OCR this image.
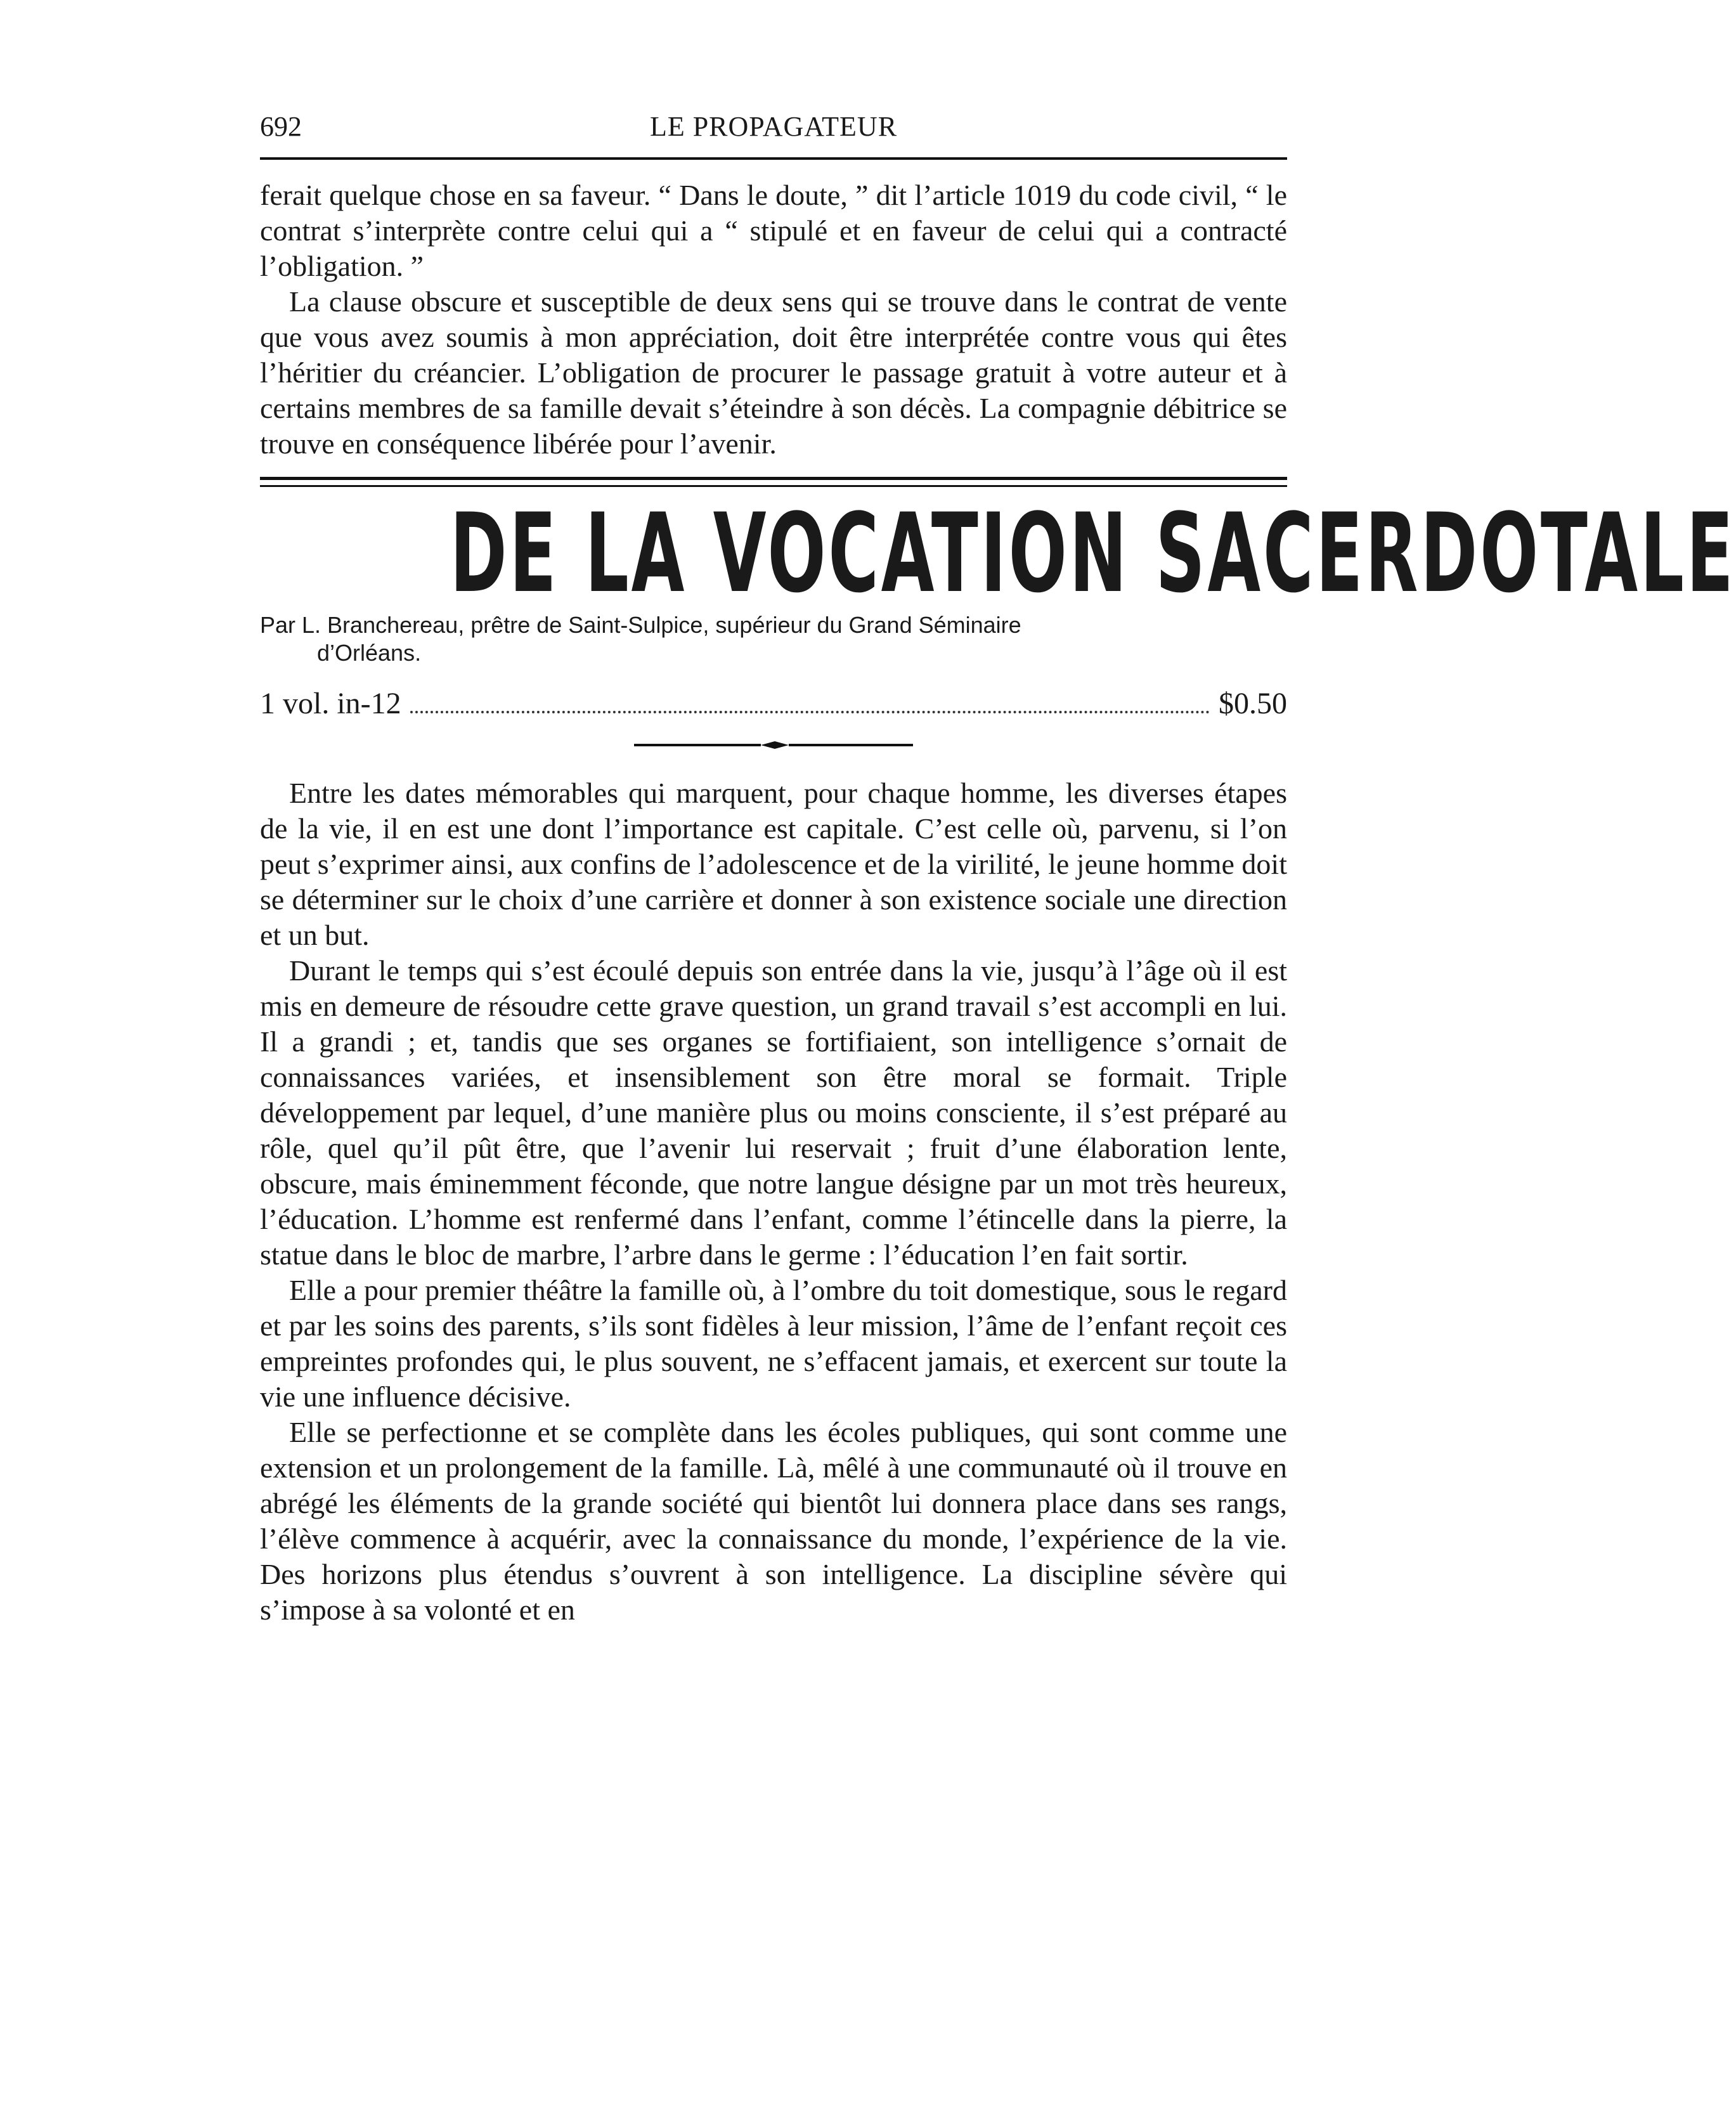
692	LE PROPAGATEUR

ferait quelque chose en sa faveur. “ Dans le doute, ” dit l’article 1019 du code civil, “ le contrat s’interprète contre celui qui a “ stipulé et en faveur de celui qui a contracté l’obligation. ”

La clause obscure et susceptible de deux sens qui se trouve dans le contrat de vente que vous avez soumis à mon appréciation, doit être interprétée contre vous qui êtes l’héritier du créancier. L’obligation de procurer le passage gratuit à votre auteur et à certains membres de sa famille devait s’éteindre à son décès. La compagnie débitrice se trouve en conséquence libérée pour l’avenir.

DE LA VOCATION SACERDOTALE
Par L. Branchereau, prêtre de Saint-Sulpice, supérieur du Grand Séminaire
d’Orléans.
1 vol. in-12	$0.50

Entre les dates mémorables qui marquent, pour chaque homme, les diverses étapes de la vie, il en est une dont l’importance est capitale. C’est celle où, parvenu, si l’on peut s’exprimer ainsi, aux confins de l’adolescence et de la virilité, le jeune homme doit se déterminer sur le choix d’une carrière et donner à son existence sociale une direction et un but.

Durant le temps qui s’est écoulé depuis son entrée dans la vie, jusqu’à l’âge où il est mis en demeure de résoudre cette grave question, un grand travail s’est accompli en lui. Il a grandi ; et, tandis que ses organes se fortifiaient, son intelligence s’ornait de connaissances variées, et insensiblement son être moral se formait. Triple développement par lequel, d’une manière plus ou moins consciente, il s’est préparé au rôle, quel qu’il pût être, que l’avenir lui reservait ; fruit d’une élaboration lente, obscure, mais éminemment féconde, que notre langue désigne par un mot très heureux, l’éducation. L’homme est renfermé dans l’enfant, comme l’étincelle dans la pierre, la statue dans le bloc de marbre, l’arbre dans le germe : l’éducation l’en fait sortir.

Elle a pour premier théâtre la famille où, à l’ombre du toit domestique, sous le regard et par les soins des parents, s’ils sont fidèles à leur mission, l’âme de l’enfant reçoit ces empreintes profondes qui, le plus souvent, ne s’effacent jamais, et exercent sur toute la vie une influence décisive.

Elle se perfectionne et se complète dans les écoles publiques, qui sont comme une extension et un prolongement de la famille. Là, mêlé à une communauté où il trouve en abrégé les éléments de la grande société qui bientôt lui donnera place dans ses rangs, l’élève commence à acquérir, avec la connaissance du monde, l’expérience de la vie. Des horizons plus étendus s’ouvrent à son intelligence. La discipline sévère qui s’impose à sa volonté et en
